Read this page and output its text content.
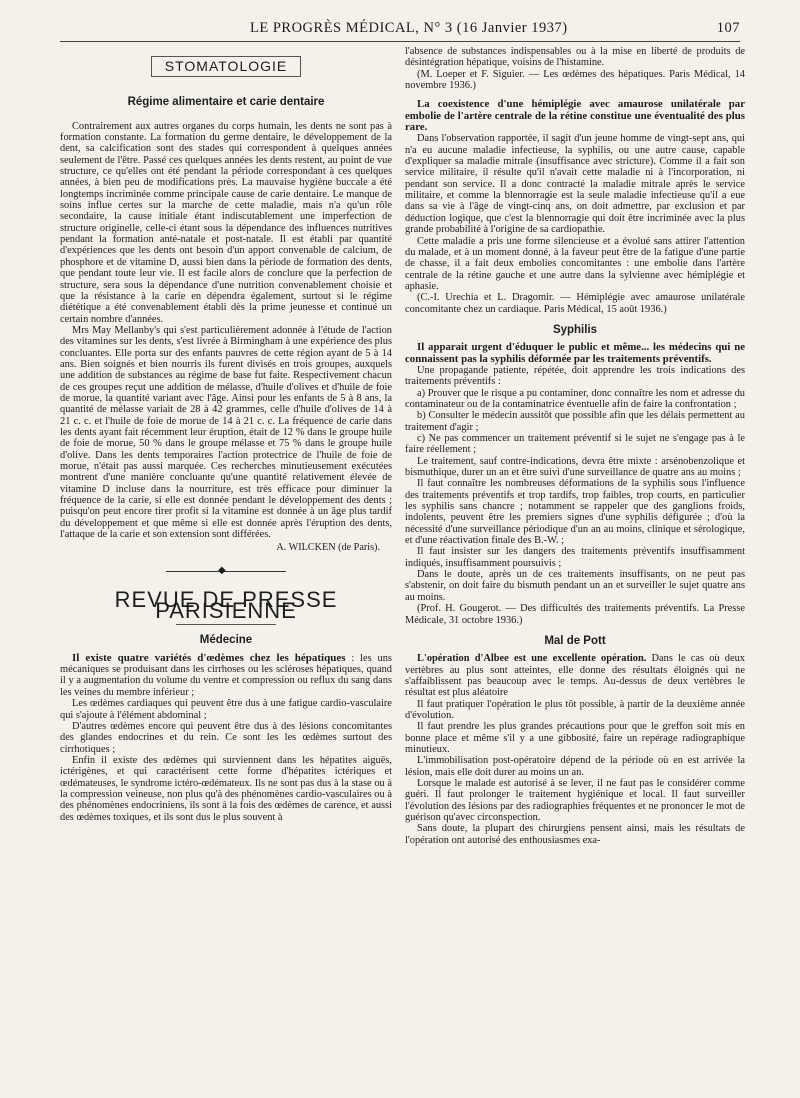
LE PROGRÈS MÉDICAL, N° 3 (16 Janvier 1937)	107
STOMATOLOGIE
Régime alimentaire et carie dentaire

Contrairement aux autres organes du corps humain, les dents ne sont pas à formation constante. La formation du germe dentaire, le développement de la dent, sa calcification sont des stades qui correspondent à quelques années seulement de l'être. Passé ces quelques années les dents restent, au point de vue structure, ce qu'elles ont été pendant la période correspondant à ces quelques années, à bien peu de modifications près. La mauvaise hygiène buccale a été longtemps incriminée comme principale cause de carie dentaire. Le manque de soins influe certes sur la marche de cette maladie, mais n'a qu'un rôle secondaire, la cause initiale étant indiscutablement une imperfection de structure originelle, celle-ci étant sous la dépendance des influences nutritives pendant la formation anté-natale et post-natale. Il est établi par quantité d'expériences que les dents ont besoin d'un apport convenable de calcium, de phosphore et de vitamine D, aussi bien dans la période de formation des dents, que pendant toute leur vie. Il est facile alors de conclure que la perfection de structure, sera sous la dépendance d'une nutrition convenablement choisie et que la résistance à la carie en dépendra également, surtout si le régime diététique a été convenablement établi dès la prime jeunesse et continué un certain nombre d'années.

Mrs May Mellanby's qui s'est particulièrement adonnée à l'étude de l'action des vitamines sur les dents, s'est livrée à Birmingham à une expérience des plus concluantes. Elle porta sur des enfants pauvres de cette région ayant de 5 à 14 ans. Bien soignés et bien nourris ils furent divisés en trois groupes, auxquels une addition de substances au régime de base fut faite. Respectivement chacun de ces groupes reçut une addition de mélasse, d'huile d'olives et d'huile de foie de morue, la quantité variant avec l'âge. Ainsi pour les enfants de 5 à 8 ans, la quantité de mélasse variait de 28 à 42 grammes, celle d'huile d'olives de 14 à 21 c. c. et l'huile de foie de morue de 14 à 21 c. c. La fréquence de carie dans les dents ayant fait récemment leur éruption, était de 12 % dans le groupe huile de foie de morue, 50 % dans le groupe mélasse et 75 % dans le groupe huile d'olive. Dans les dents temporaires l'action protectrice de l'huile de foie de morue, n'était pas aussi marquée. Ces recherches minutieusement exécutées montrent d'une manière concluante qu'une quantité relativement élevée de vitamine D incluse dans la nourriture, est très efficace pour diminuer la fréquence de la carie, si elle est donnée pendant le développement des dents ; puisqu'on peut encore tirer profit si la vitamine est donnée à un âge plus tardif du développement et que même si elle est donnée après l'éruption des dents, l'attaque de la carie et son extension sont différées.

A. WILCKEN (de Paris).
◆
REVUE DE PRESSE PARISIENNE
Médecine

Il existe quatre variétés d'œdèmes chez les hépatiques : les uns mécaniques se produisant dans les cirrhoses ou les scléroses hépatiques, quand il y a augmentation du volume du ventre et compression ou reflux du sang dans les veines du membre inférieur ;

Les œdèmes cardiaques qui peuvent être dus à une fatigue cardio-vasculaire qui s'ajoute à l'élément abdominal ;

D'autres œdèmes encore qui peuvent être dus à des lésions concomitantes des glandes endocrines et du rein. Ce sont les les œdèmes surtout des cirrhotiques ;

Enfin il existe des œdèmes qui surviennent dans les hépatites aiguës, ictérigènes, et qui caractérisent cette forme d'hépatites ictériques et œdémateuses, le syndrome ictéro-œdémateux. Ils ne sont pas dus à la stase ou à la compression veineuse, non plus qu'à des phénomènes cardio-vasculaires ou à des phénomènes endocriniens, ils sont à la fois des œdèmes de carence, et aussi des œdèmes toxiques, et ils sont dus le plus souvent à

l'absence de substances indispensables ou à la mise en liberté de produits de désintégration hépatique, voisins de l'histamine.

(M. Loeper et F. Siguier. — Les œdèmes des hépatiques. Paris Médical, 14 novembre 1936.)

La coexistence d'une hémiplégie avec amaurose unilatérale par embolie de l'artère centrale de la rétine constitue une éventualité des plus rare.

Dans l'observation rapportée, il sagit d'un jeune homme de vingt-sept ans, qui n'a eu aucune maladie infectieuse, la syphilis, ou une autre cause, capable d'expliquer sa maladie mitrale (insuffisance avec stricture). Comme il a fait son service militaire, il résulte qu'il n'avait cette maladie ni à l'incorporation, ni pendant son service. Il a donc contracté la maladie mitrale après le service militaire, et comme la blennorragie est la seule maladie infectieuse qu'il a eue dans sa vie à l'âge de vingt-cinq ans, on doit admettre, par exclusion et par déduction logique, que c'est la blennorragie qui doit être incriminée avec la plus grande probabilité à l'origine de sa cardiopathie.

Cette maladie a pris une forme silencieuse et a évolué sans attirer l'attention du malade, et à un moment donné, à la faveur peut être de la fatigue d'une partie de chasse, il a fait deux embolies concomitantes : une embolie dans l'artère centrale de la rétine gauche et une autre dans la sylvienne avec hémiplégie et aphasie.

(C.-I. Urechia et L. Dragomir. — Hémiplégie avec amaurose unilatérale concomitante chez un cardiaque. Paris Médical, 15 août 1936.)

Syphilis

Il apparait urgent d'éduquer le public et même... les médecins qui ne connaissent pas la syphilis déformée par les traitements préventifs.

Une propagande patiente, répétée, doit apprendre les trois indications des traitements préventifs :

a) Prouver que le risque a pu contaminer, donc connaître les nom et adresse du contaminateur ou de la contaminatrice éventuelle afin de faire la confrontation ;

b) Consulter le médecin aussitôt que possible afin que les délais permettent au traitement d'agir ;

c) Ne pas commencer un traitement préventif si le sujet ne s'engage pas à le faire réellement ;

Le traitement, sauf contre-indications, devra être mixte : arsénobenzolique et bismuthique, durer un an et être suivi d'une surveillance de quatre ans au moins ;

Il faut connaître les nombreuses déformations de la syphilis sous l'influence des traitements préventifs et trop tardifs, trop faibles, trop courts, en particulier les syphilis sans chancre ; notamment se rappeler que des ganglions froids, indolents, peuvent être les premiers signes d'une syphilis défigurée ; d'où la nécessité d'une surveillance périodique d'un an au moins, clinique et sérologique, et d'une réactivation finale des B.-W. ;

Il faut insister sur les dangers des traitements préventifs insuffisamment indiqués, insuffisamment poursuivis ;

Dans le doute, après un de ces traitements insuffisants, on ne peut pas s'abstenir, on doit faire du bismuth pendant un an et surveiller le sujet quatre ans au moins.

(Prof. H. Gougerot. — Des difficultés des traitements préventifs. La Presse Médicale, 31 octobre 1936.)

Mal de Pott

L'opération d'Albee est une excellente opération. Dans le cas où deux vertèbres au plus sont atteintes, elle donne des résultats éloignés qui ne s'affaiblissent pas beaucoup avec le temps. Au-dessus de deux vertèbres le résultat est plus aléatoire

Il faut pratiquer l'opération le plus tôt possible, à partir de la deuxième année d'évolution.

Il faut prendre les plus grandes précautions pour que le greffon soit mis en bonne place et même s'il y a une gibbosité, faire un repérage radiographique minutieux.

L'immobilisation post-opératoire dépend de la période où en est arrivée la lésion, mais elle doit durer au moins un an.

Lorsque le malade est autorisé à se lever, il ne faut pas le considérer comme guéri. Il faut prolonger le traitement hygiénique et local. Il faut surveiller l'évolution des lésions par des radiographies fréquentes et ne prononcer le mot de guérison qu'avec circonspection.

Sans doute, la plupart des chirurgiens pensent ainsi, mais les résultats de l'opération ont autorisé des enthousiasmes exa-
